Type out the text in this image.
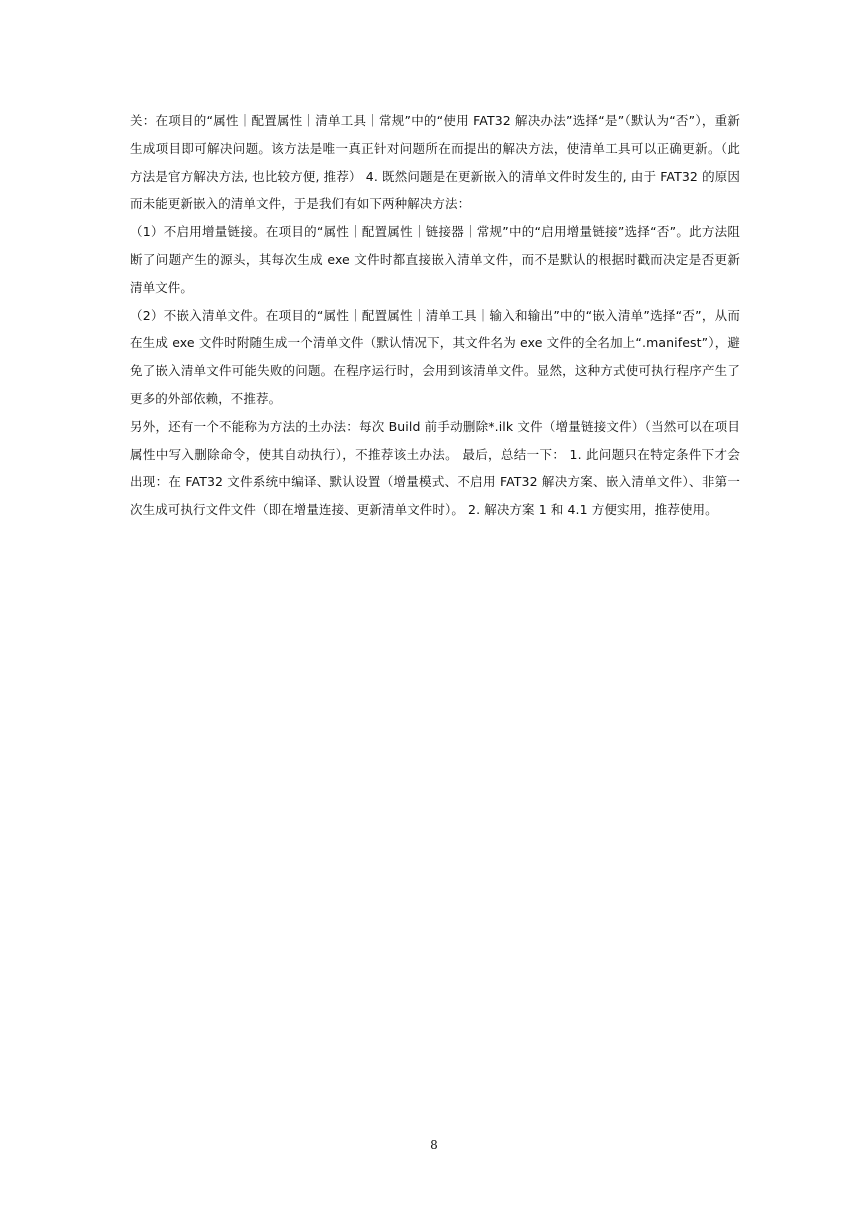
关：在项目的“属性｜配置属性｜清单工具｜常规”中的“使用 FAT32 解决办法”选择“是”（默认为“否”），重新生成项目即可解决问题。该方法是唯一真正针对问题所在而提出的解决方法，使清单工具可以正确更新。（此方法是官方解决方法, 也比较方便, 推荐） 4. 既然问题是在更新嵌入的清单文件时发生的, 由于 FAT32 的原因而未能更新嵌入的清单文件，于是我们有如下两种解决方法：

（1）不启用增量链接。在项目的“属性｜配置属性｜链接器｜常规”中的“启用增量链接”选择“否”。此方法阻断了问题产生的源头，其每次生成 exe 文件时都直接嵌入清单文件，而不是默认的根据时戳而决定是否更新清单文件。

（2）不嵌入清单文件。在项目的“属性｜配置属性｜清单工具｜输入和输出”中的“嵌入清单”选择“否”，从而在生成 exe 文件时附随生成一个清单文件（默认情况下，其文件名为 exe 文件的全名加上“.manifest”），避免了嵌入清单文件可能失败的问题。在程序运行时，会用到该清单文件。显然，这种方式使可执行程序产生了更多的外部依赖，不推荐。

另外，还有一个不能称为方法的土办法：每次 Build 前手动删除*.ilk 文件（增量链接文件）（当然可以在项目属性中写入删除命令，使其自动执行），不推荐该土办法。 最后，总结一下： 1. 此问题只在特定条件下才会出现：在 FAT32 文件系统中编译、默认设置（增量模式、不启用 FAT32 解决方案、嵌入清单文件）、非第一次生成可执行文件文件（即在增量连接、更新清单文件时）。 2. 解决方案 1 和 4.1 方便实用，推荐使用。

8
